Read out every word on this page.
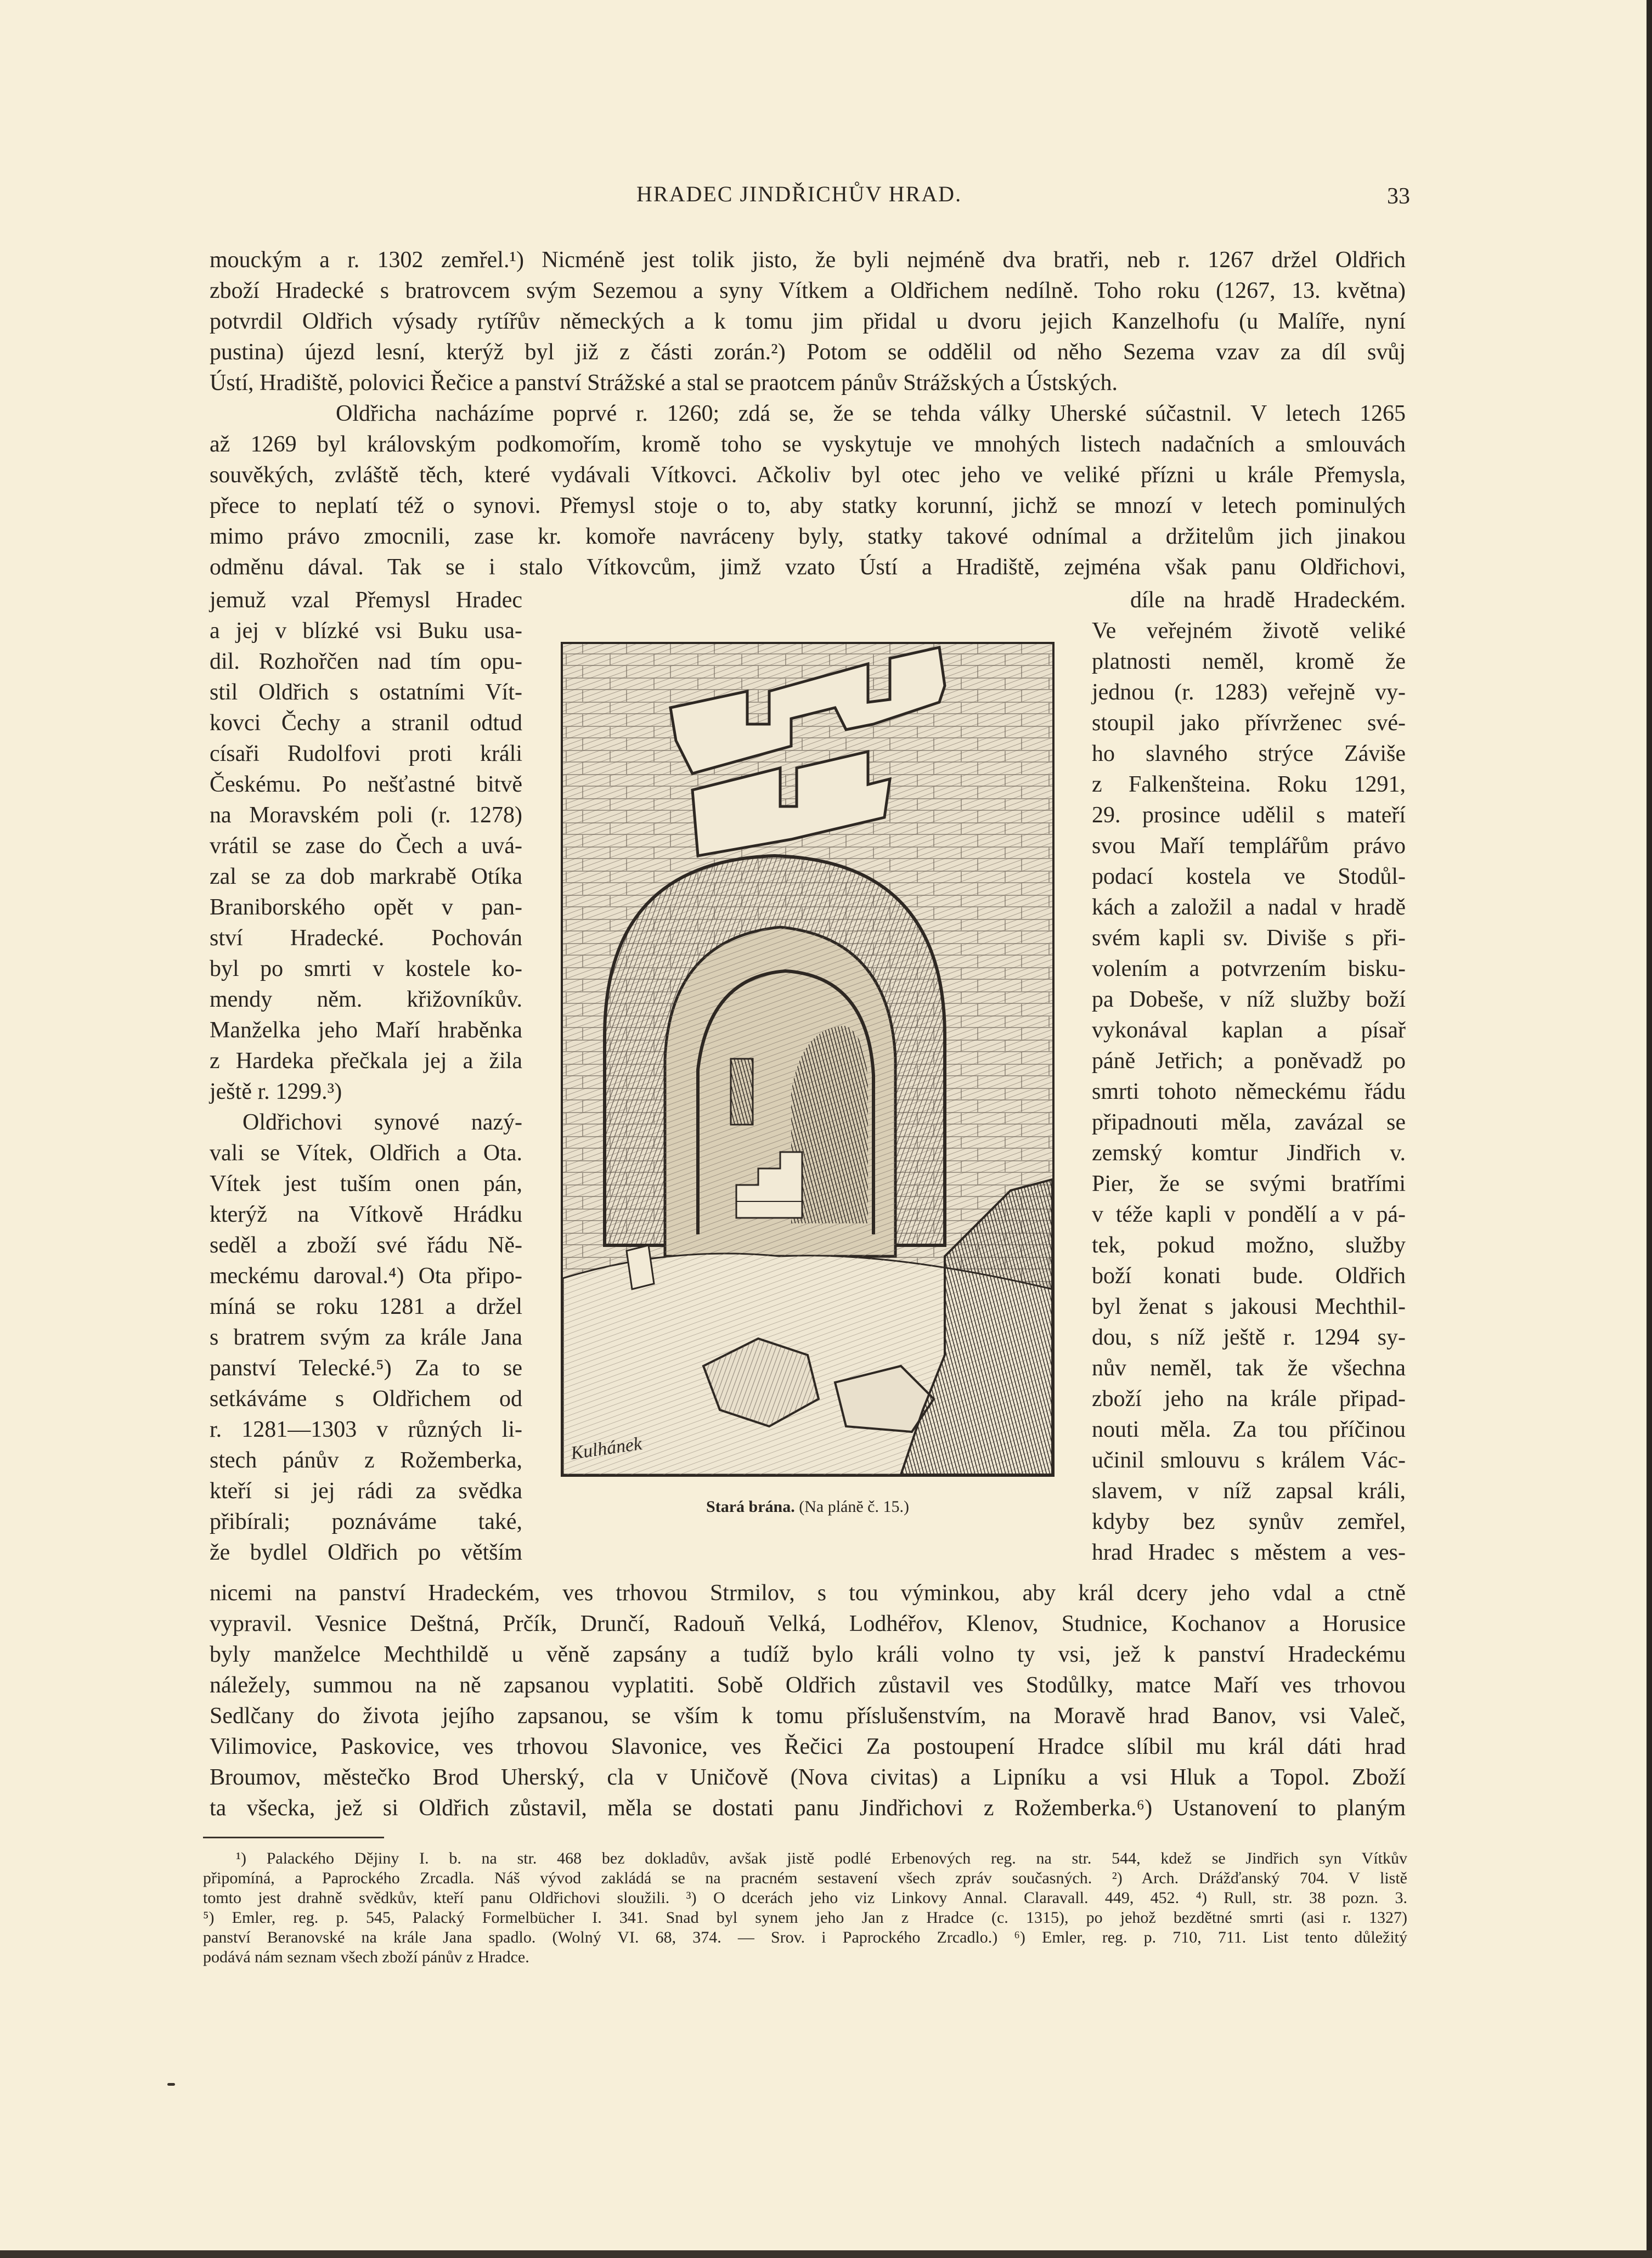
HRADEC JINDŘICHŮV HRAD.	33
mouckým a r. 1302 zemřel.¹) Nicméně jest tolik jisto, že byli nejméně dva bratři, neb r. 1267 držel Oldřich
zboží Hradecké s bratrovcem svým Sezemou a syny Vítkem a Oldřichem nedílně. Toho roku (1267, 13. května)
potvrdil Oldřich výsady rytířův německých a k tomu jim přidal u dvoru jejich Kanzelhofu (u Malíře, nyní
pustina) újezd lesní, kterýž byl již z části zorán.²) Potom se oddělil od něho Sezema vzav za díl svůj
Ústí, Hradiště, polovici Řečice a panství Strážské a stal se praotcem pánův Strážských a Ústských.
Oldřicha nacházíme poprvé r. 1260; zdá se, že se tehda války Uherské súčastnil. V letech 1265
až 1269 byl královským podkomořím, kromě toho se vyskytuje ve mnohých listech nadačních a smlouvách
souvěkých, zvláště těch, které vydávali Vítkovci. Ačkoliv byl otec jeho ve veliké přízni u krále Přemysla,
přece to neplatí též o synovi. Přemysl stoje o to, aby statky korunní, jichž se mnozí v letech pominulých
mimo právo zmocnili, zase kr. komoře navráceny byly, statky takové odnímal a držitelům jich jinakou
odměnu dával. Tak se i stalo Vítkovcům, jimž vzato Ústí a Hradiště, zejména však panu Oldřichovi,
jemuž vzal Přemysl Hradec
a jej v blízké vsi Buku usa-
dil. Rozhořčen nad tím opu-
stil Oldřich s ostatními Vít-
kovci Čechy a stranil odtud
císaři Rudolfovi proti králi
Českému. Po nešťastné bitvě
na Moravském poli (r. 1278)
vrátil se zase do Čech a uvá-
zal se za dob markrabě Otíka
Braniborského opět v pan-
ství Hradecké. Pochován
byl po smrti v kostele ko-
mendy něm. křižovníkův.
Manželka jeho Maří hraběnka
z Hardeka přečkala jej a žila
ještě r. 1299.³)
Oldřichovi synové nazý-
vali se Vítek, Oldřich a Ota.
Vítek jest tuším onen pán,
kterýž na Vítkově Hrádku
seděl a zboží své řádu Ně-
meckému daroval.⁴) Ota připo-
míná se roku 1281 a držel
s bratrem svým za krále Jana
panství Telecké.⁵) Za to se
setkáváme s Oldřichem od
r. 1281—1303 v různých li-
stech pánův z Rožemberka,
kteří si jej rádi za svědka
přibírali; poznáváme také,
že bydlel Oldřich po větším
Kulhánek
Stará brána. (Na plánĕ č. 15.)
díle na hradě Hradeckém.
Ve veřejném životě veliké
platnosti neměl, kromě že
jednou (r. 1283) veřejně vy-
stoupil jako přívrženec své-
ho slavného strýce Záviše
z Falkenšteina. Roku 1291,
29. prosince udělil s mateří
svou Maří templářům právo
podací kostela ve Stodůl-
kách a založil a nadal v hradě
svém kapli sv. Diviše s při-
volením a potvrzením bisku-
pa Dobeše, v níž služby boží
vykonával kaplan a písař
páně Jetřich; a poněvadž po
smrti tohoto německému řádu
připadnouti měla, zavázal se
zemský komtur Jindřich v.
Pier, že se svými bratřími
v téže kapli v pondělí a v pá-
tek, pokud možno, služby
boží konati bude. Oldřich
byl ženat s jakousi Mechthil-
dou, s níž ještě r. 1294 sy-
nův neměl, tak že všechna
zboží jeho na krále připad-
nouti měla. Za tou příčinou
učinil smlouvu s králem Vác-
slavem, v níž zapsal králi,
kdyby bez synův zemřel,
hrad Hradec s městem a ves-
nicemi na panství Hradeckém, ves trhovou Strmilov, s tou výminkou, aby král dcery jeho vdal a ctně
vypravil. Vesnice Deštná, Prčík, Drunčí, Radouň Velká, Lodhéřov, Klenov, Studnice, Kochanov a Horusice
byly manželce Mechthildě u věně zapsány a tudíž bylo králi volno ty vsi, jež k panství Hradeckému
náležely, summou na ně zapsanou vyplatiti. Sobě Oldřich zůstavil ves Stodůlky, matce Maří ves trhovou
Sedlčany do života jejího zapsanou, se vším k tomu příslušenstvím, na Moravě hrad Banov, vsi Valeč,
Vilimovice, Paskovice, ves trhovou Slavonice, ves Řečici Za postoupení Hradce slíbil mu král dáti hrad
Broumov, městečko Brod Uherský, cla v Uničově (Nova civitas) a Lipníku a vsi Hluk a Topol. Zboží
ta všecka, jež si Oldřich zůstavil, měla se dostati panu Jindřichovi z Rožemberka.⁶) Ustanovení to planým
¹) Palackého Dějiny I. b. na str. 468 bez dokladův, avšak jistě podlé Erbenových reg. na str. 544, kdež se Jindřich syn Vítkův
připomíná, a Paprockého Zrcadla. Náš vývod zakládá se na pracném sestavení všech zpráv současných. ²) Arch. Drážďanský 704. V listě
tomto jest drahně svědkův, kteří panu Oldřichovi sloužili. ³) O dcerách jeho viz Linkovy Annal. Claravall. 449, 452. ⁴) Rull, str. 38 pozn. 3.
⁵) Emler, reg. p. 545, Palacký Formelbücher I. 341. Snad byl synem jeho Jan z Hradce (c. 1315), po jehož bezdětné smrti (asi r. 1327)
panství Beranovské na krále Jana spadlo. (Wolný VI. 68, 374. — Srov. i Paprockého Zrcadlo.) ⁶) Emler, reg. p. 710, 711. List tento důležitý
podává nám seznam všech zboží pánův z Hradce.
